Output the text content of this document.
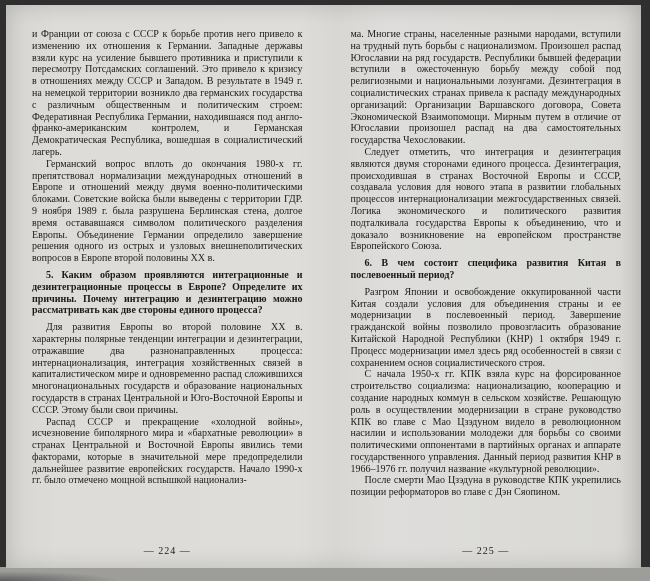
и Франции от союза с СССР к борьбе против него привело к изменению их отношения к Германии. Западные державы взяли курс на усиление бывшего противника и приступили к пересмотру Потсдамских соглашений. Это привело к кризису в отношениях между СССР и Западом. В результате в 1949 г. на немецкой территории возникло два германских государства с различным общественным и политическим строем: Федеративная Республика Германии, находившаяся под англо-франко-американским контролем, и Германская Демократическая Республика, вошедшая в социалистический лагерь.

Германский вопрос вплоть до окончания 1980-х гг. препятствовал нормализации международных отношений в Европе и отношений между двумя военно-политическими блоками. Советские войска были выведены с территории ГДР. 9 ноября 1989 г. была разрушена Берлинская стена, долгое время остававшаяся символом политического разделения Европы. Объединение Германии определило завершение решения одного из острых и узловых внешнеполитических вопросов в Европе второй половины XX в.

5. Каким образом проявляются интеграционные и дезинтеграционные процессы в Европе? Определите их причины. Почему интеграцию и дезинтеграцию можно рассматривать как две стороны единого процесса?

Для развития Европы во второй половине XX в. характерны полярные тенденции интеграции и дезинтеграции, отражавшие два разнонаправленных процесса: интернационализация, интеграция хозяйственных связей в капиталистическом мире и одновременно распад сложившихся многонациональных государств и образование национальных государств в странах Центральной и Юго-Восточной Европы и СССР. Этому были свои причины.

Распад СССР и прекращение «холодной войны», исчезновение биполярного мира и «бархатные революции» в странах Центральной и Восточной Европы явились теми факторами, которые в значительной мере предопределили дальнейшее развитие европейских государств. Начало 1990-х гг. было отмечено мощной вспышкой национализ-

— 224 —

ма. Многие страны, населенные разными народами, вступили на трудный путь борьбы с национализмом. Произошел распад Югославии на ряд государств. Республики бывшей федерации вступили в ожесточенную борьбу между собой под религиозными и национальными лозунгами. Дезинтеграция в социалистических странах привела к распаду международных организаций: Организации Варшавского договора, Совета Экономической Взаимопомощи. Мирным путем в отличие от Югославии произошел распад на два самостоятельных государства Чехословакии.

Следует отметить, что интеграция и дезинтеграция являются двумя сторонами единого процесса. Дезинтеграция, происходившая в странах Восточной Европы и СССР, создавала условия для нового этапа в развитии глобальных процессов интернационализации межгосударственных связей. Логика экономического и политического развития подталкивала государства Европы к объединению, что и доказало возникновение на европейском пространстве Европейского Союза.

6. В чем состоит специфика развития Китая в послевоенный период?

Разгром Японии и освобождение оккупированной части Китая создали условия для объединения страны и ее модернизации в послевоенный период. Завершение гражданской войны позволило провозгласить образование Китайской Народной Республики (КНР) 1 октября 1949 г. Процесс модернизации имел здесь ряд особенностей в связи с сохранением основ социалистического строя.

С начала 1950-х гг. КПК взяла курс на форсированное строительство социализма: национализацию, кооперацию и создание народных коммун в сельском хозяйстве. Решающую роль в осуществлении модернизации в стране руководство КПК во главе с Мао Цзэдуном видело в революционном насилии и использовании молодежи для борьбы со своими политическими оппонентами в партийных органах и аппарате государственного управления. Данный период развития КНР в 1966–1976 гг. получил название «культурной революции».

После смерти Мао Цзэдуна в руководстве КПК укрепились позиции реформаторов во главе с Дэн Сяопином.

— 225 —
